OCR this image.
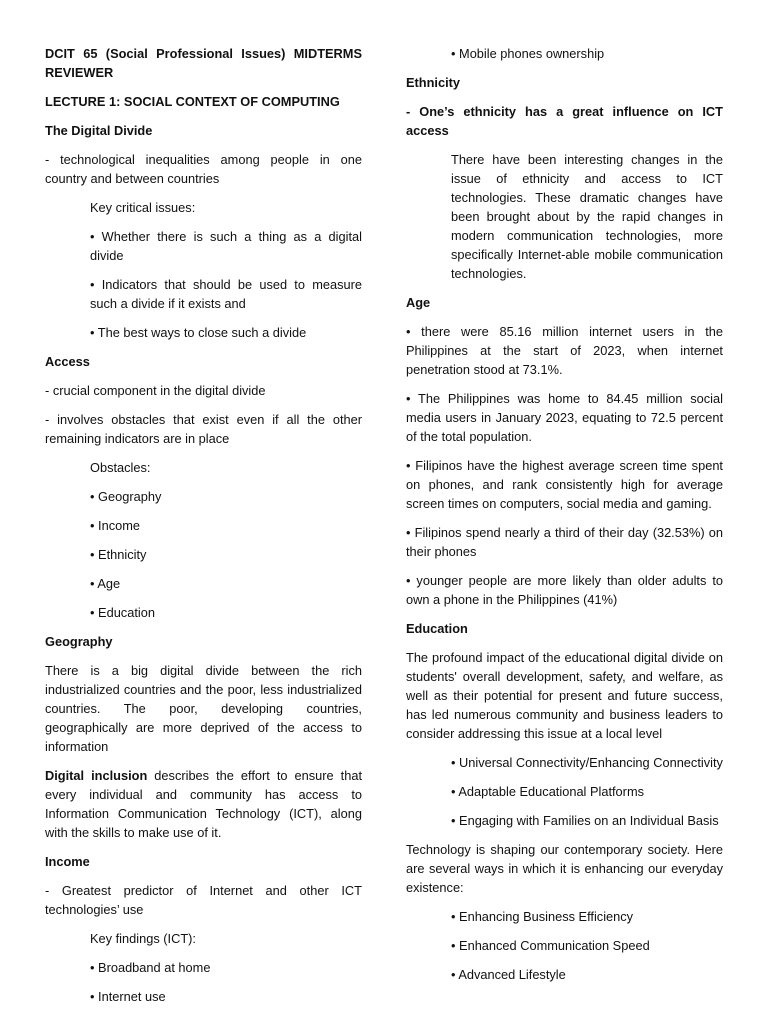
DCIT 65 (Social Professional Issues) MIDTERMS REVIEWER

LECTURE 1: SOCIAL CONTEXT OF COMPUTING

The Digital Divide

- technological inequalities among people in one country and between countries

Key critical issues:

• Whether there is such a thing as a digital divide

• Indicators that should be used to measure such a divide if it exists and

• The best ways to close such a divide

Access

- crucial component in the digital divide

- involves obstacles that exist even if all the other remaining indicators are in place

Obstacles:

• Geography

• Income

• Ethnicity

• Age

• Education

Geography

There is a big digital divide between the rich industrialized countries and the poor, less industrialized countries. The poor, developing countries, geographically are more deprived of the access to information

Digital inclusion describes the effort to ensure that every individual and community has access to Information Communication Technology (ICT), along with the skills to make use of it.

Income

- Greatest predictor of Internet and other ICT technologies’ use

Key findings (ICT):

• Broadband at home

• Internet use

• Mobile phones ownership

Ethnicity

- One’s ethnicity has a great influence on ICT access

There have been interesting changes in the issue of ethnicity and access to ICT technologies. These dramatic changes have been brought about by the rapid changes in modern communication technologies, more specifically Internet-able mobile communication technologies.

Age

• there were 85.16 million internet users in the Philippines at the start of 2023, when internet penetration stood at 73.1%.

• The Philippines was home to 84.45 million social media users in January 2023, equating to 72.5 percent of the total population.

• Filipinos have the highest average screen time spent on phones, and rank consistently high for average screen times on computers, social media and gaming.

• Filipinos spend nearly a third of their day (32.53%) on their phones

• younger people are more likely than older adults to own a phone in the Philippines (41%)

Education

The profound impact of the educational digital divide on students' overall development, safety, and welfare, as well as their potential for present and future success, has led numerous community and business leaders to consider addressing this issue at a local level

• Universal Connectivity/Enhancing Connectivity

• Adaptable Educational Platforms

• Engaging with Families on an Individual Basis

Technology is shaping our contemporary society. Here are several ways in which it is enhancing our everyday existence:

• Enhancing Business Efficiency

• Enhanced Communication Speed

• Advanced Lifestyle
